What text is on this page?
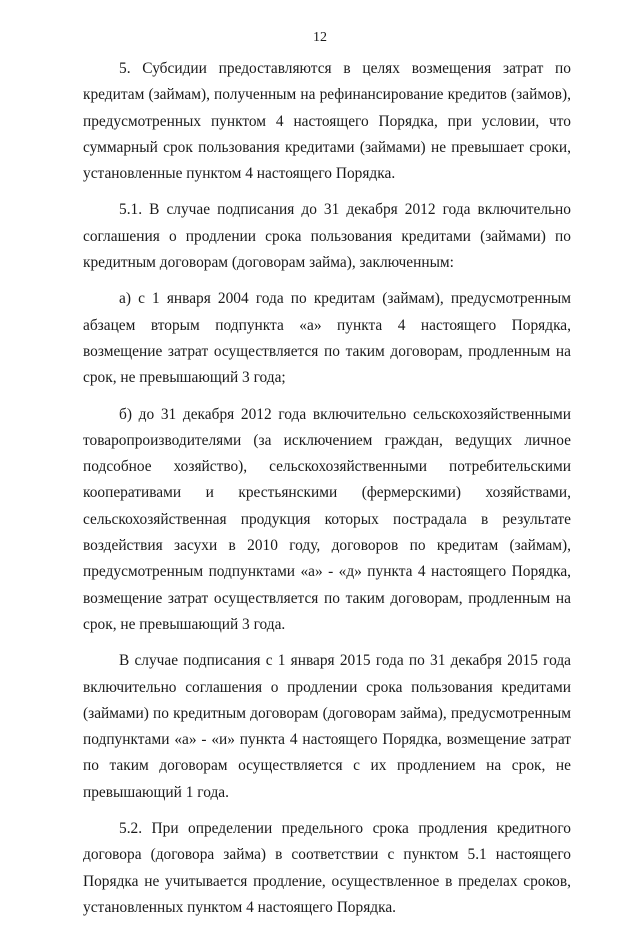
12

5. Субсидии предоставляются в целях возмещения затрат по кредитам (займам), полученным на рефинансирование кредитов (займов), предусмотренных пунктом 4 настоящего Порядка, при условии, что суммарный срок пользования кредитами (займами) не превышает сроки, установленные пунктом 4 настоящего Порядка.

5.1. В случае подписания до 31 декабря 2012 года включительно соглашения о продлении срока пользования кредитами (займами) по кредитным договорам (договорам займа), заключенным:

а) с 1 января 2004 года по кредитам (займам), предусмотренным абзацем вторым подпункта «а» пункта 4 настоящего Порядка, возмещение затрат осуществляется по таким договорам, продленным на срок, не превышающий 3 года;

б) до 31 декабря 2012 года включительно сельскохозяйственными товаропроизводителями (за исключением граждан, ведущих личное подсобное хозяйство), сельскохозяйственными потребительскими кооперативами и крестьянскими (фермерскими) хозяйствами, сельскохозяйственная продукция которых пострадала в результате воздействия засухи в 2010 году, договоров по кредитам (займам), предусмотренным подпунктами «а» - «д» пункта 4 настоящего Порядка, возмещение затрат осуществляется по таким договорам, продленным на срок, не превышающий 3 года.

В случае подписания с 1 января 2015 года по 31 декабря 2015 года включительно соглашения о продлении срока пользования кредитами (займами) по кредитным договорам (договорам займа), предусмотренным подпунктами «а» - «и» пункта 4 настоящего Порядка, возмещение затрат по таким договорам осуществляется с их продлением на срок, не превышающий 1 года.

5.2. При определении предельного срока продления кредитного договора (договора займа) в соответствии с пунктом 5.1 настоящего Порядка не учитывается продление, осуществленное в пределах сроков, установленных пунктом 4 настоящего Порядка.
